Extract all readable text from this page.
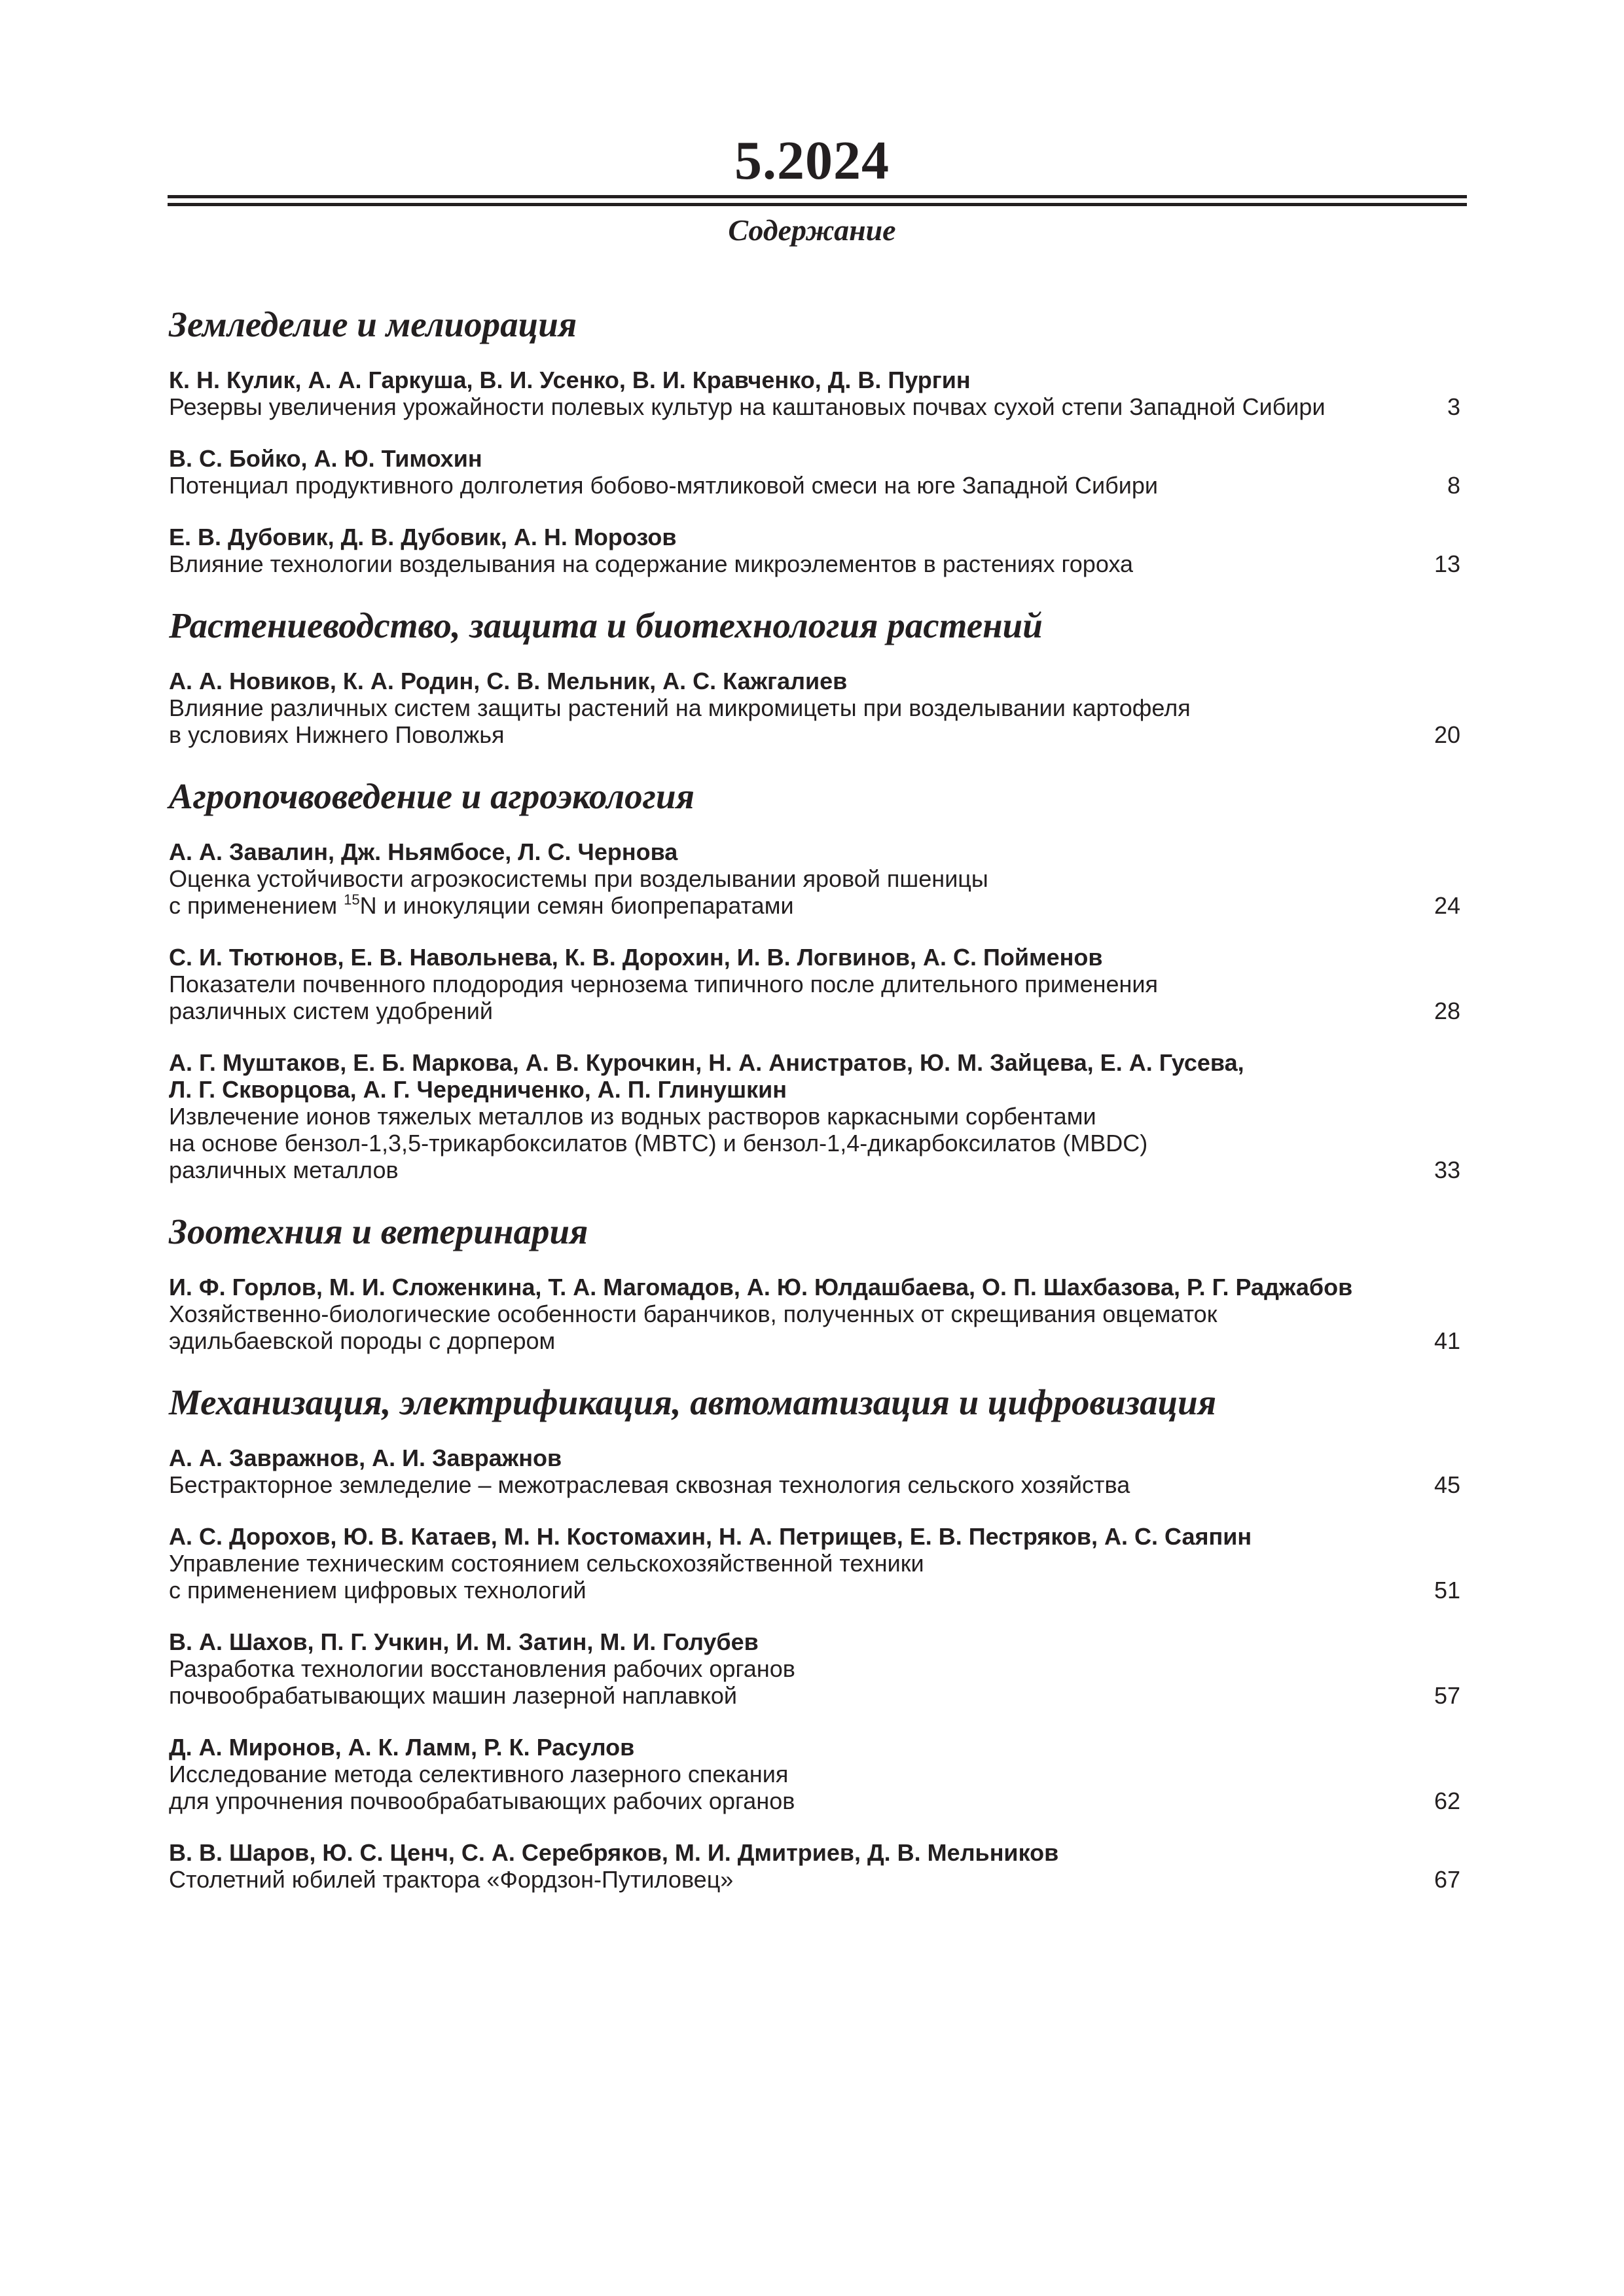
5.2024
Содержание
Земледелие и мелиорация
К. Н. Кулик, А. А. Гаркуша, В. И. Усенко, В. И. Кравченко, Д. В. Пургин
Резервы увеличения урожайности полевых культур на каштановых почвах сухой степи Западной Сибири	3
В. С. Бойко, А. Ю. Тимохин
Потенциал продуктивного долголетия бобово-мятликовой смеси на юге Западной Сибири	8
Е. В. Дубовик, Д. В. Дубовик, А. Н. Морозов
Влияние технологии возделывания на содержание микроэлементов в растениях гороха	13
Растениеводство, защита и биотехнология растений
А. А. Новиков, К. А. Родин, С. В. Мельник, А. С. Кажгалиев
Влияние различных систем защиты растений на микромицеты при возделывании картофеля
в условиях Нижнего Поволжья	20
Агропочвоведение и агроэкология
А. А. Завалин, Дж. Ньямбосе, Л. С. Чернова
Оценка устойчивости агроэкосистемы при возделывании яровой пшеницы
с применением $^{15}$N и инокуляции семян биопрепаратами	24
С. И. Тютюнов, Е. В. Навольнева, К. В. Дорохин, И. В. Логвинов, А. С. Пойменов
Показатели почвенного плодородия чернозема типичного после длительного применения
различных систем удобрений	28
А. Г. Муштаков, Е. Б. Маркова, А. В. Курочкин, Н. А. Анистратов, Ю. М. Зайцева, Е. А. Гусева,
Л. Г. Скворцова, А. Г. Чередниченко, А. П. Глинушкин
Извлечение ионов тяжелых металлов из водных растворов каркасными сорбентами
на основе бензол-1,3,5-трикарбоксилатов (MBTC) и бензол-1,4-дикарбоксилатов (MBDC)
различных металлов	33
Зоотехния и ветеринария
И. Ф. Горлов, М. И. Сложенкина, Т. А. Магомадов, А. Ю. Юлдашбаева, О. П. Шахбазова, Р. Г. Раджабов
Хозяйственно-биологические особенности баранчиков, полученных от скрещивания овцематок
эдильбаевской породы с дорпером	41
Механизация, электрификация, автоматизация и цифровизация
А. А. Завражнов, А. И. Завражнов
Бестракторное земледелие – межотраслевая сквозная технология сельского хозяйства	45
А. С. Дорохов, Ю. В. Катаев, М. Н. Костомахин, Н. А. Петрищев, Е. В. Пестряков, А. С. Саяпин
Управление техническим состоянием сельскохозяйственной техники
с применением цифровых технологий	51
В. А. Шахов, П. Г. Учкин, И. М. Затин, М. И. Голубев
Разработка технологии восстановления рабочих органов
почвообрабатывающих машин лазерной наплавкой	57
Д. А. Миронов, А. К. Ламм, Р. К. Расулов
Исследование метода селективного лазерного спекания
для упрочнения почвообрабатывающих рабочих органов	62
В. В. Шаров, Ю. С. Ценч, С. А. Серебряков, М. И. Дмитриев, Д. В. Мельников
Столетний юбилей трактора «Фордзон-Путиловец»	67
